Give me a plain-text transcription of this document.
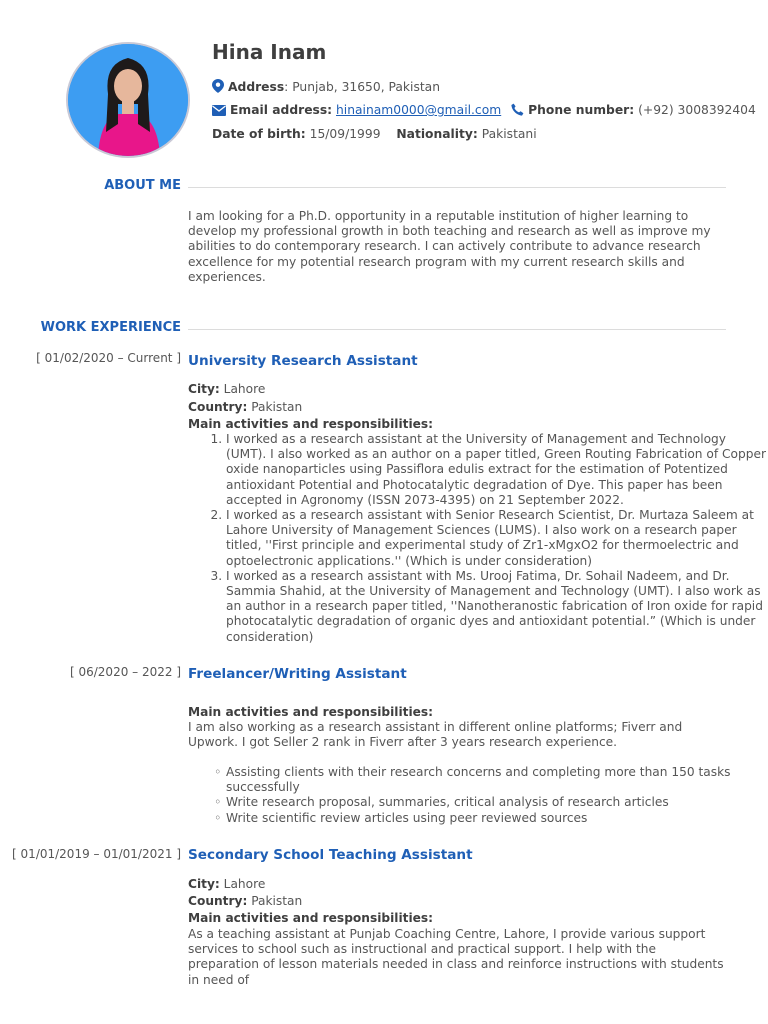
Hina Inam
Address: Punjab, 31650, Pakistan
Email address: hinainam0000@gmail.com Phone number: (+92) 3008392404
Date of birth: 15/09/1999 Nationality: Pakistani
ABOUT ME
I am looking for a Ph.D. opportunity in a reputable institution of higher learning to develop my professional growth in both teaching and research as well as improve my abilities to do contemporary research. I can actively contribute to advance research excellence for my potential research program with my current research skills and experiences.
WORK EXPERIENCE
[ 01/02/2020 – Current ] University Research Assistant
City: Lahore
Country: Pakistan
Main activities and responsibilities:
1. I worked as a research assistant at the University of Management and Technology (UMT). I also worked as an author on a paper titled, Green Routing Fabrication of Copper oxide nanoparticles using Passiflora edulis extract for the estimation of Potentized antioxidant Potential and Photocatalytic degradation of Dye. This paper has been accepted in Agronomy (ISSN 2073-4395) on 21 September 2022.
2. I worked as a research assistant with Senior Research Scientist, Dr. Murtaza Saleem at Lahore University of Management Sciences (LUMS). I also work on a research paper titled, ''First principle and experimental study of Zr1-xMgxO2 for thermoelectric and optoelectronic applications.'' (Which is under consideration)
3. I worked as a research assistant with Ms. Urooj Fatima, Dr. Sohail Nadeem, and Dr. Sammia Shahid, at the University of Management and Technology (UMT). I also work as an author in a research paper titled, ''Nanotheranostic fabrication of Iron oxide for rapid photocatalytic degradation of organic dyes and antioxidant potential.” (Which is under consideration)
[ 06/2020 – 2022 ] Freelancer/Writing Assistant
Main activities and responsibilities:
I am also working as a research assistant in different online platforms; Fiverr and Upwork. I got Seller 2 rank in Fiverr after 3 years research experience.
◦ Assisting clients with their research concerns and completing more than 150 tasks successfully
◦ Write research proposal, summaries, critical analysis of research articles
◦ Write scientific review articles using peer reviewed sources
[ 01/01/2019 – 01/01/2021 ] Secondary School Teaching Assistant
City: Lahore
Country: Pakistan
Main activities and responsibilities:
As a teaching assistant at Punjab Coaching Centre, Lahore, I provide various support services to school such as instructional and practical support. I help with the preparation of lesson materials needed in class and reinforce instructions with students in need of
